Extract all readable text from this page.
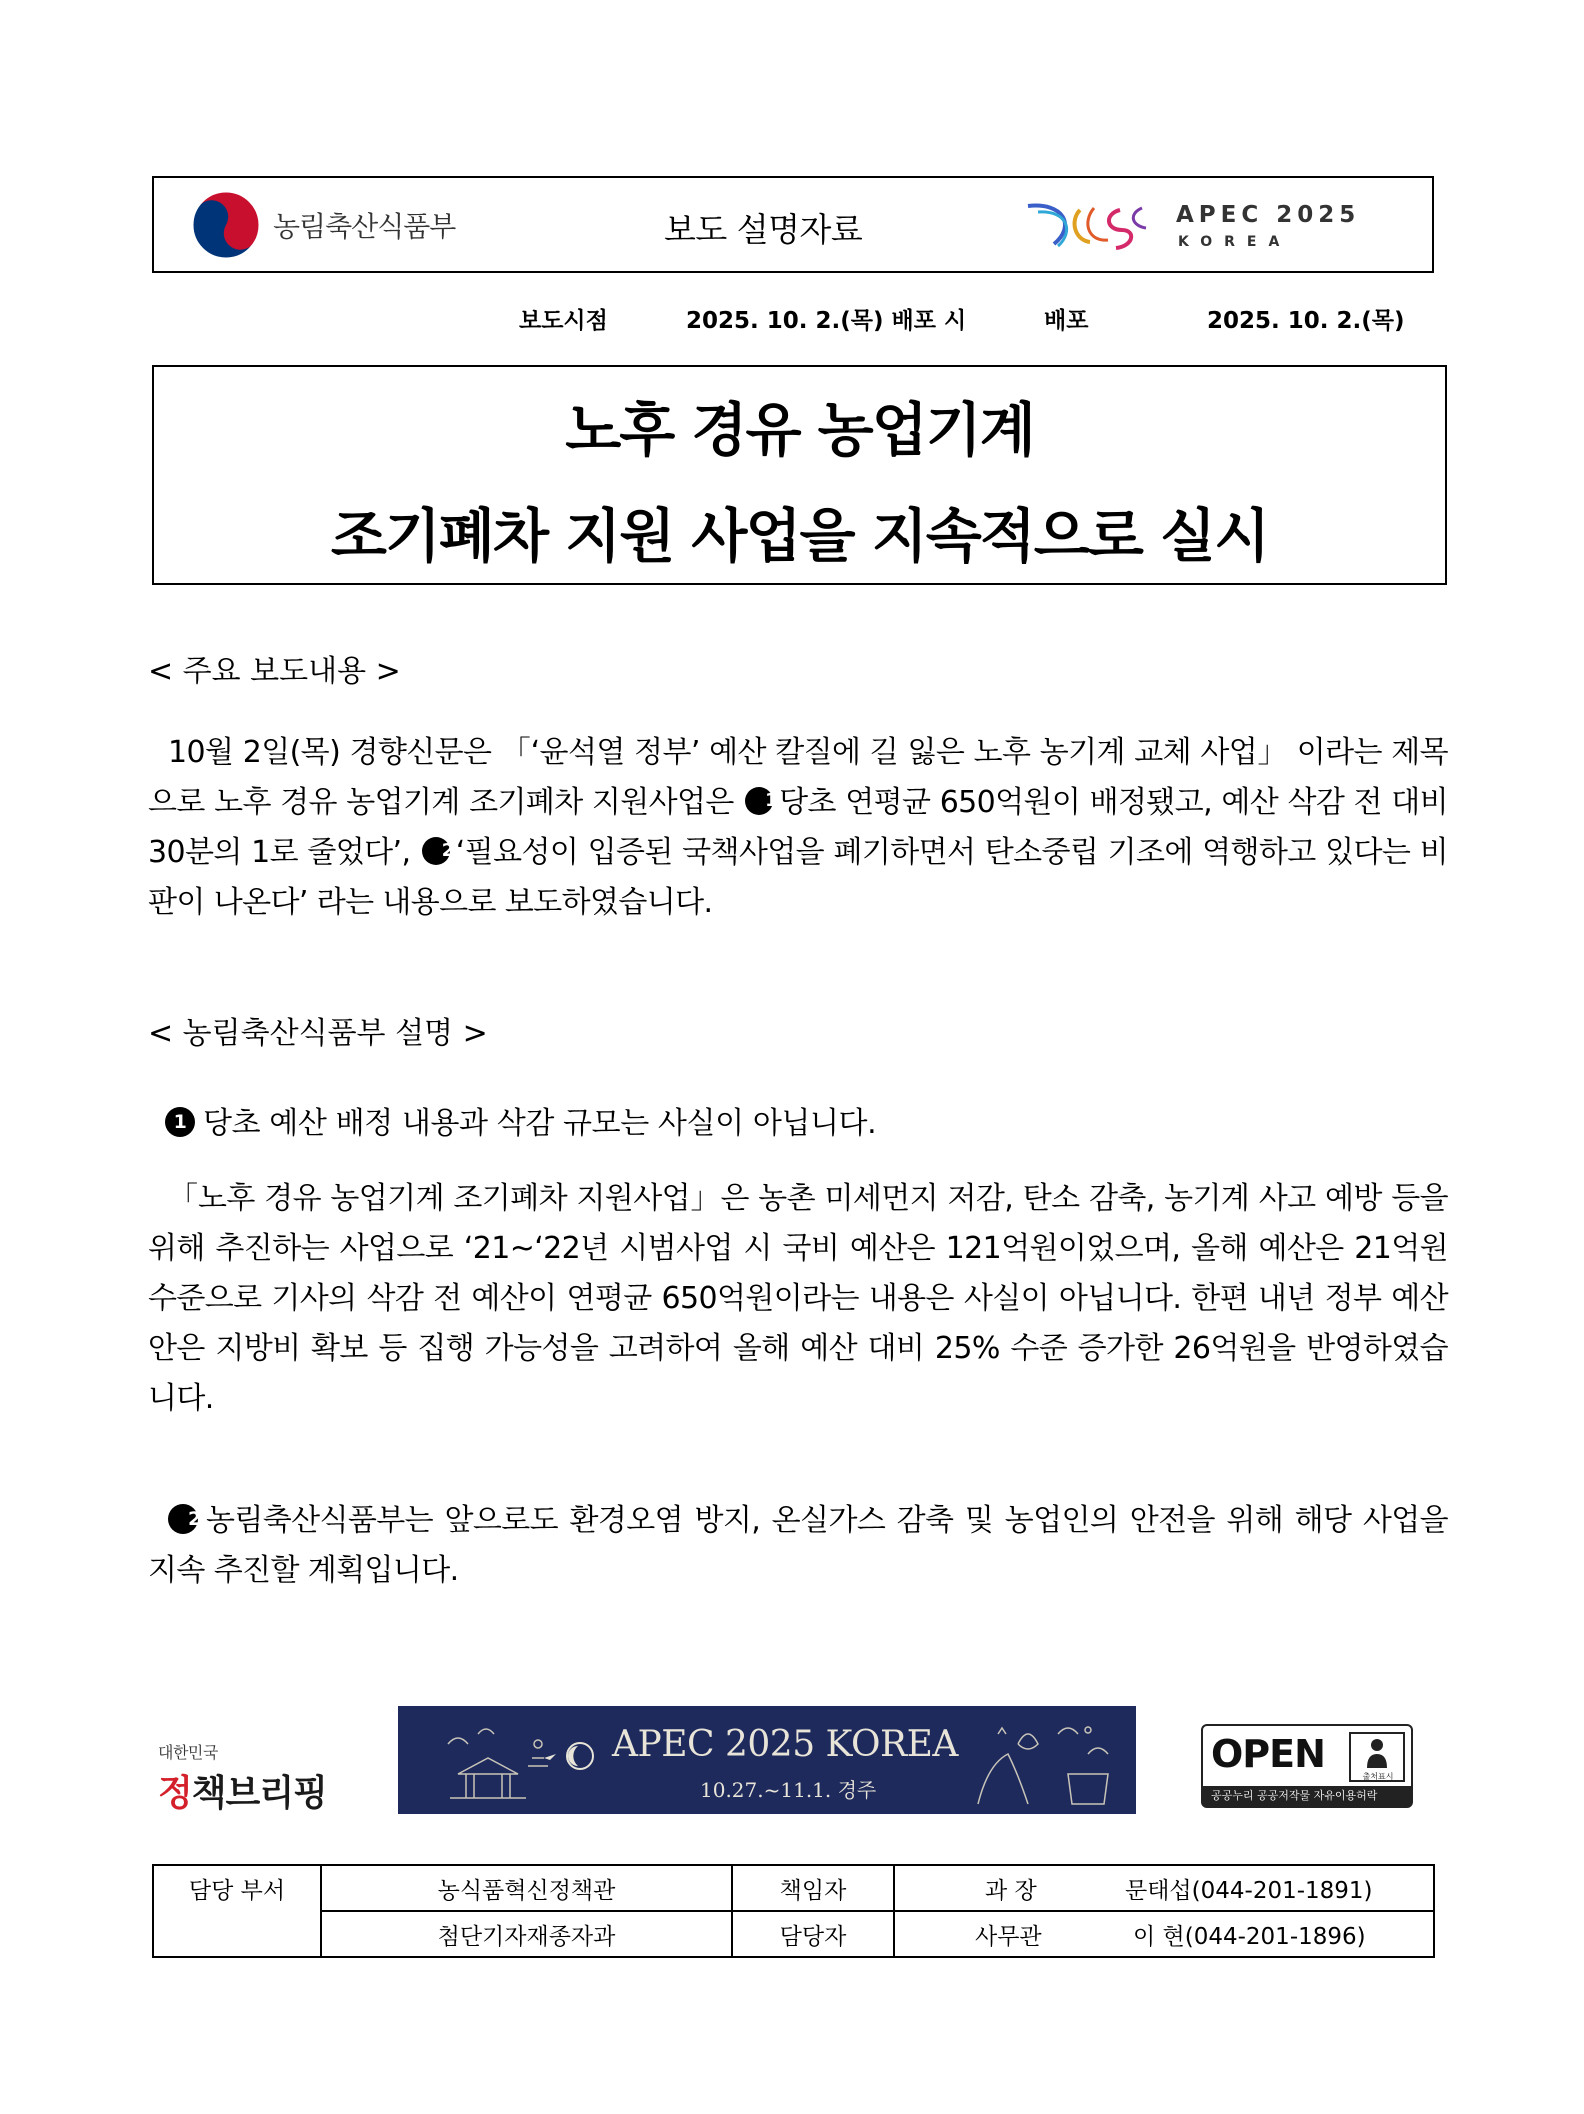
농림축산식품부	보도 설명자료	APEC 2025
KOREA
보도시점	2025. 10. 2.(목) 배포 시	배포	2025. 10. 2.(목)
노후 경유 농업기계
조기폐차 지원 사업을 지속적으로 실시
< 주요 보도내용 >

10월 2일(목) 경향신문은 「‘윤석열 정부’ 예산 칼질에 길 잃은 노후 농기계 교체 사업」 이라는 제목으로 노후 경유 농업기계 조기폐차 지원사업은 1당초 연평균 650억원이 배정됐고, 예산 삭감 전 대비 30분의 1로 줄었다’, 2‘필요성이 입증된 국책사업을 폐기하면서 탄소중립 기조에 역행하고 있다는 비판이 나온다’ 라는 내용으로 보도하였습니다.

< 농림축산식품부 설명 >
1 당초 예산 배정 내용과 삭감 규모는 사실이 아닙니다.

「노후 경유 농업기계 조기폐차 지원사업」은 농촌 미세먼지 저감, 탄소 감축, 농기계 사고 예방 등을 위해 추진하는 사업으로 ‘21~‘22년 시범사업 시 국비 예산은 121억원이었으며, 올해 예산은 21억원 수준으로 기사의 삭감 전 예산이 연평균 650억원이라는 내용은 사실이 아닙니다. 한편 내년 정부 예산안은 지방비 확보 등 집행 가능성을 고려하여 올해 예산 대비 25% 수준 증가한 26억원을 반영하였습니다.

2 농림축산식품부는 앞으로도 환경오염 방지, 온실가스 감축 및 농업인의 안전을 위해 해당 사업을 지속 추진할 계획입니다.

대한민국
정책브리핑
APEC 2025 KOREA
10.27.~11.1. 경주
OPEN
출처표시
공공누리 공공저작물 자유이용허락
담당 부서	농식품혁신정책관	책임자	과 장 문태섭(044-201-1891)
	첨단기자재종자과	담당자	사무관 이 현(044-201-1896)
